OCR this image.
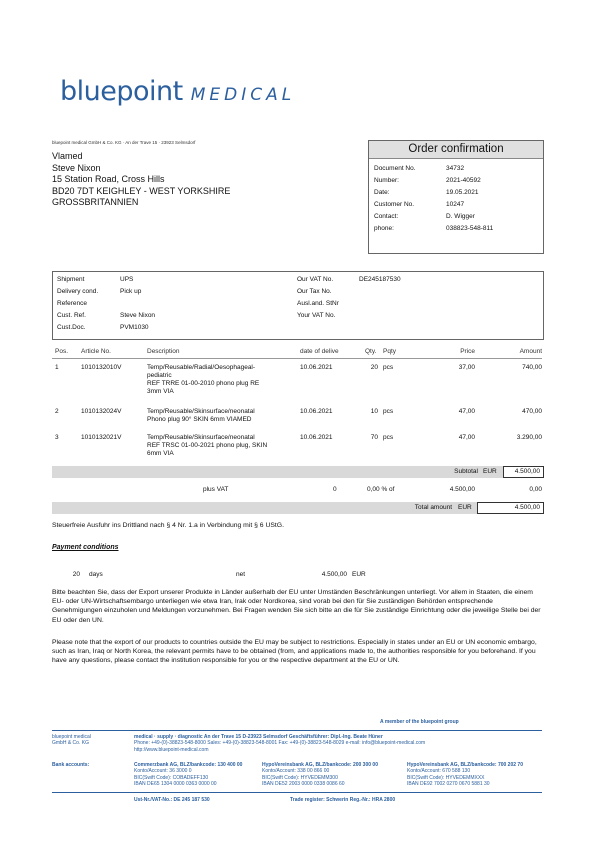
bluepoint MEDICAL
bluepoint medical GmbH & Co. KG · An der Trave 15 · 23923 Selmsdorf
Vlamed
Steve Nixon
15 Station Road, Cross Hills
BD20 7DT KEIGHLEY - WEST YORKSHIRE
GROSSBRITANNIEN
Order confirmation
Document No.	34732
Number:	2021-40592
Date:	19.05.2021
Customer No.	10247
Contact:	D. Wigger
phone:	038823-548-811
Shipment	UPS
Delivery cond.	Pick up
Reference
Cust. Ref.	Steve Nixon
Cust.Doc.	PVM1030
Our VAT No.	DE245187530
Our Tax No.
Ausl.and. StNr
Your VAT No.
Pos. Article No.	Description	date of delive	Qty. Pqty	Price	Amount
1	1010132010V	Temp/Reusable/Radial/Oesophageal-
pediatric
REF TRRE 01-00-2010 phono plug RE
3mm VIA
10.06.2021	20 pcs	37,00	740,00
2	1010132024V	Temp/Reusable/Skinsurface/neonatal
Phono plug 90° SKIN 6mm VIAMED
10.06.2021	10 pcs	47,00	470,00
3	1010132021V	Temp/Reusable/Skinsurface/neonatal
REF TRSC 01-00-2021 phono plug, SKIN
6mm VIA
10.06.2021	70 pcs	47,00	3.290,00
Subtotal EUR	4.500,00
plus VAT	0	0,00 % of	4.500,00	0,00
Total amount EUR	4.500,00
Steuerfreie Ausfuhr ins Drittland nach § 4 Nr. 1.a in Verbindung mit § 6 UStG.
Payment conditions
20 days	net	4.500,00 EUR
Bitte beachten Sie, dass der Export unserer Produkte in Länder außerhalb der EU unter Umständen Beschränkungen unterliegt. Vor allem in Staaten, die einem EU- oder UN-Wirtschaftsembargo unterliegen wie etwa Iran, Irak oder Nordkorea, sind vorab bei den für Sie zuständigen Behörden entsprechende Genehmigungen einzuholen und Meldungen vorzunehmen. Bei Fragen wenden Sie sich bitte an die für Sie zuständige Einrichtung oder die jeweilige Stelle bei der EU oder den UN.
Please note that the export of our products to countries outside the EU may be subject to restrictions. Especially in states under an EU or UN economic embargo, such as Iran, Iraq or North Korea, the relevant permits have to be obtained (from, and applications made to, the authorities responsible for you beforehand. If you have any questions, please contact the institution responsible for you or the respective department at the EU or UN.
A member of the bluepoint group
bluepoint medical
GmbH & Co. KG
medical · supply · diagnostic An der Trave 15 D-23923 Selmsdorf Geschäftsführer: Dipl.-Ing. Beate Hüner
Phone: +49-(0)-38823-548-8000 Sales: +49-(0)-38823-548-8001 Fax: +49-(0)-38823-548-8029 e-mail: info@bluepoint-medical.com
http://www.bluepoint-medical.com
Bank accounts:	Commerzbank AG, BLZ/bankcode: 130 400 00
Konto/Account: 36 3000 0
BIC(Swift Code): COBADEFF130
IBAN DE65 1304 0000 0363 0000 00
HypoVereinsbank AG, BLZ/bankcode: 200 300 00
Konto/Account: 338 00 866 00
BIC(Swift Code): HYVEDEMM300
IBAN DE52 2003 0000 0338 0086 60
HypoVereinsbank AG, BLZ/bankcode: 700 202 70
Konto/Account: 670 588 130
BIC(Swift Code): HYVEDEMMXXX
IBAN DE92 7002 0270 0670 5881 30
Ust-Nr./VAT-No.: DE 245 187 530	Trade register: Schwerin Reg.-Nr.: HRA 2800
